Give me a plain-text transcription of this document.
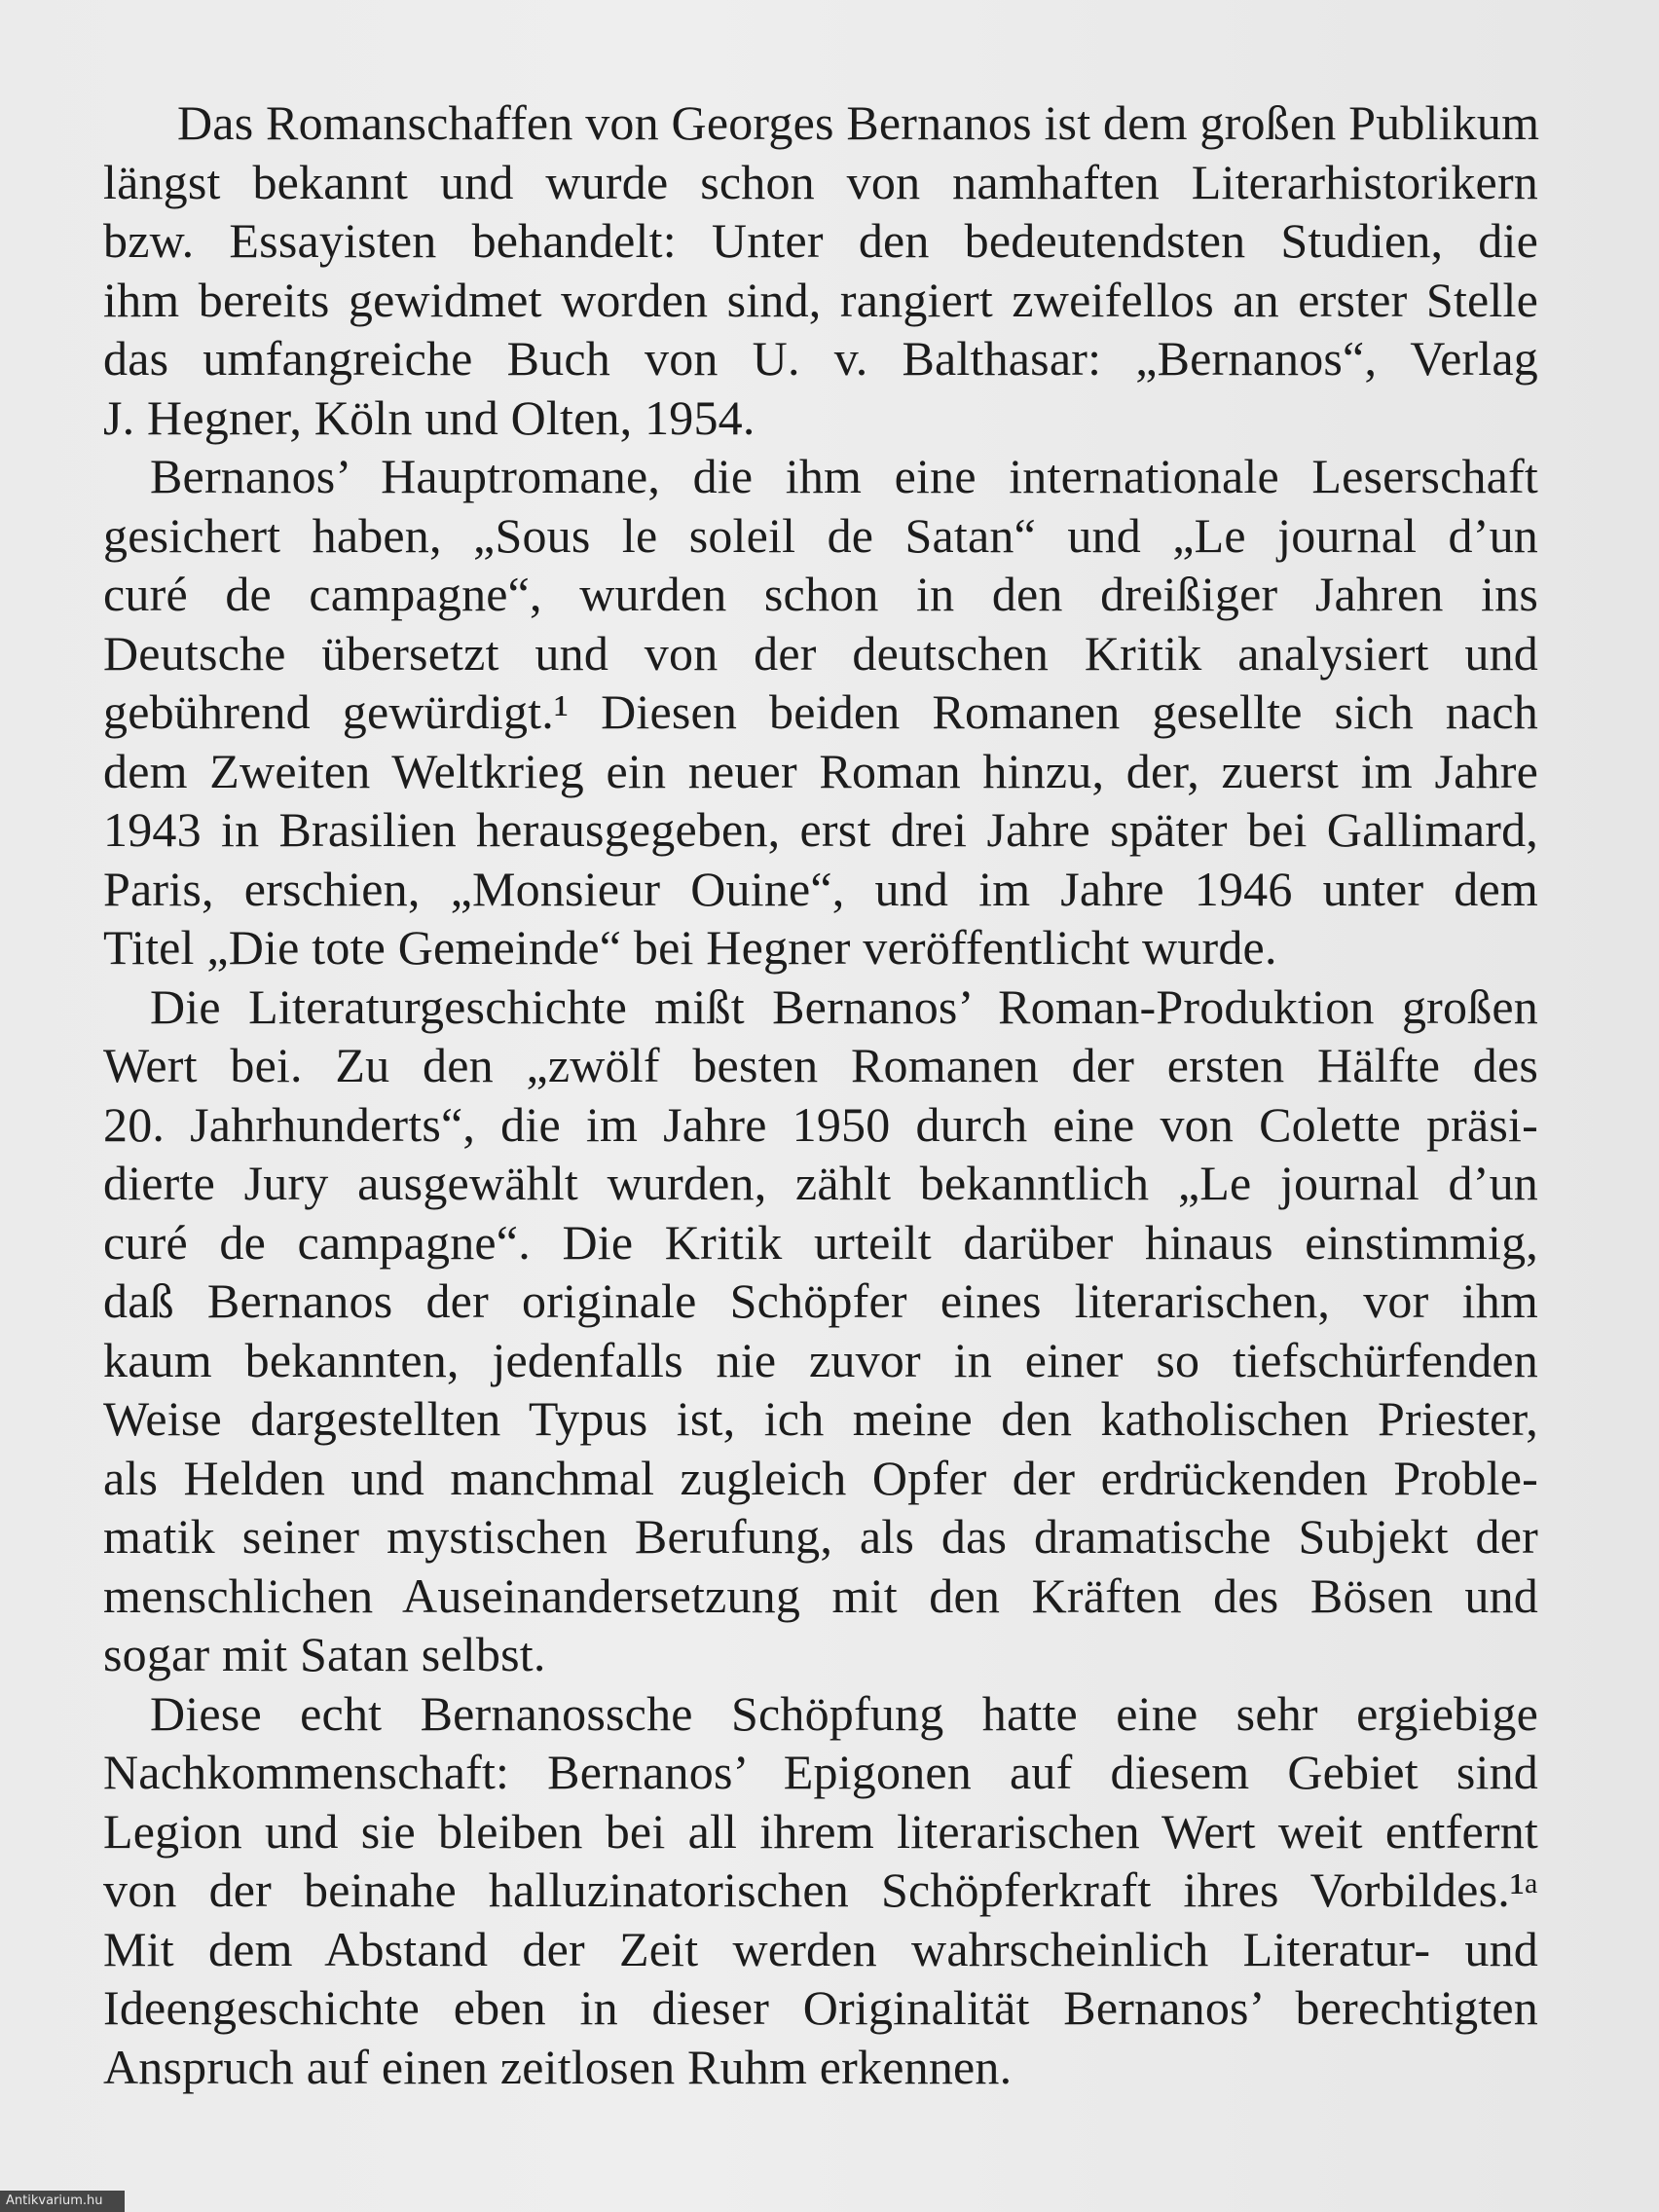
Das Romanschaffen von Georges Bernanos ist dem großen Publikum
längst bekannt und wurde schon von namhaften Literarhistorikern
bzw. Essayisten behandelt: Unter den bedeutendsten Studien, die
ihm bereits gewidmet worden sind, rangiert zweifellos an erster Stelle
das umfangreiche Buch von U. v. Balthasar: „Bernanos“, Verlag
J. Hegner, Köln und Olten, 1954.
Bernanos’ Hauptromane, die ihm eine internationale Leserschaft
gesichert haben, „Sous le soleil de Satan“ und „Le journal d’un
curé de campagne“, wurden schon in den dreißiger Jahren ins
Deutsche übersetzt und von der deutschen Kritik analysiert und
gebührend gewürdigt.¹ Diesen beiden Romanen gesellte sich nach
dem Zweiten Weltkrieg ein neuer Roman hinzu, der, zuerst im Jahre
1943 in Brasilien herausgegeben, erst drei Jahre später bei Gallimard,
Paris, erschien, „Monsieur Ouine“, und im Jahre 1946 unter dem
Titel „Die tote Gemeinde“ bei Hegner veröffentlicht wurde.
Die Literaturgeschichte mißt Bernanos’ Roman-Produktion großen
Wert bei. Zu den „zwölf besten Romanen der ersten Hälfte des
20. Jahrhunderts“, die im Jahre 1950 durch eine von Colette präsi-
dierte Jury ausgewählt wurden, zählt bekanntlich „Le journal d’un
curé de campagne“. Die Kritik urteilt darüber hinaus einstimmig,
daß Bernanos der originale Schöpfer eines literarischen, vor ihm
kaum bekannten, jedenfalls nie zuvor in einer so tiefschürfenden
Weise dargestellten Typus ist, ich meine den katholischen Priester,
als Helden und manchmal zugleich Opfer der erdrückenden Proble-
matik seiner mystischen Berufung, als das dramatische Subjekt der
menschlichen Auseinandersetzung mit den Kräften des Bösen und
sogar mit Satan selbst.
Diese echt Bernanossche Schöpfung hatte eine sehr ergiebige
Nachkommenschaft: Bernanos’ Epigonen auf diesem Gebiet sind
Legion und sie bleiben bei all ihrem literarischen Wert weit entfernt
von der beinahe halluzinatorischen Schöpferkraft ihres Vorbildes.¹ᵃ
Mit dem Abstand der Zeit werden wahrscheinlich Literatur- und
Ideengeschichte eben in dieser Originalität Bernanos’ berechtigten
Anspruch auf einen zeitlosen Ruhm erkennen.
Antikvarium.hu
